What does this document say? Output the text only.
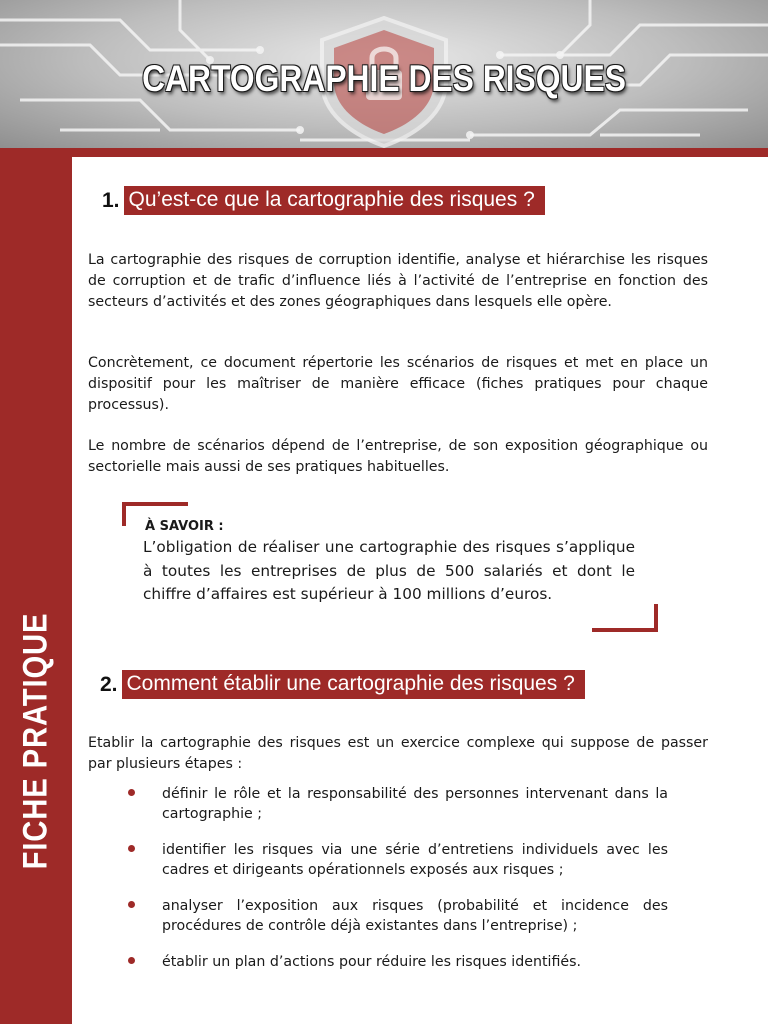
CARTOGRAPHIE DES RISQUES
FICHE PRATIQUE
1. Qu’est-ce que la cartographie des risques ?

La cartographie des risques de corruption identifie, analyse et hiérarchise les risques de corruption et de trafic d’influence liés à l’activité de l’entreprise en fonction des secteurs d’activités et des zones géographiques dans lesquels elle opère.

Concrètement, ce document répertorie les scénarios de risques et met en place un dispositif pour les maîtriser de manière efficace (fiches pratiques pour chaque processus).

Le nombre de scénarios dépend de l’entreprise, de son exposition géographique ou sectorielle mais aussi de ses pratiques habituelles.

À SAVOIR :

L’obligation de réaliser une cartographie des risques s’applique à toutes les entreprises de plus de 500 salariés et dont le chiffre d’affaires est supérieur à 100 millions d’euros.

2. Comment établir une cartographie des risques ?

Etablir la cartographie des risques est un exercice complexe qui suppose de passer par plusieurs étapes :

définir le rôle et la responsabilité des personnes intervenant dans la cartographie ;
identifier les risques via une série d’entretiens individuels avec les cadres et dirigeants opérationnels exposés aux risques ;
analyser l’exposition aux risques (probabilité et incidence des procédures de contrôle déjà existantes dans l’entreprise) ;
établir un plan d’actions pour réduire les risques identifiés.
